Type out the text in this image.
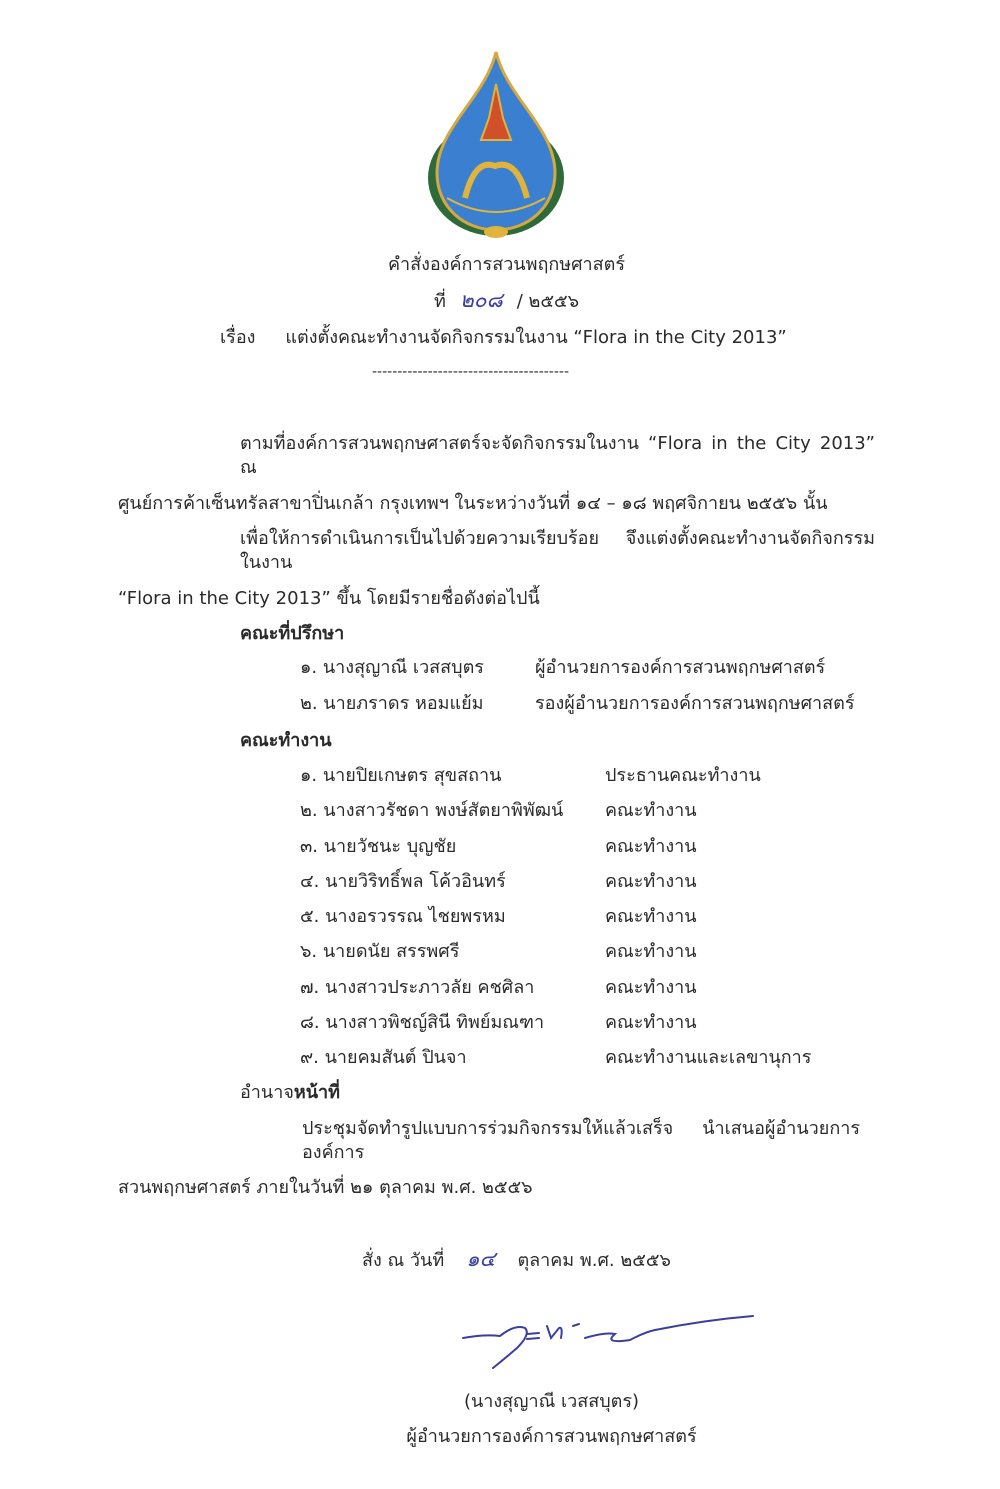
คำสั่งองค์การสวนพฤกษศาสตร์
ที่ ๒๐๘ / ๒๕๕๖
เรื่อง แต่งตั้งคณะทำงานจัดกิจกรรมในงาน “Flora in the City 2013”
---------------------------------------
ตามที่องค์การสวนพฤกษศาสตร์จะจัดกิจกรรมในงาน “Flora in the City 2013” ณ
ศูนย์การค้าเซ็นทรัลสาขาปิ่นเกล้า กรุงเทพฯ ในระหว่างวันที่ ๑๔ – ๑๘ พฤศจิกายน ๒๕๕๖ นั้น
เพื่อให้การดำเนินการเป็นไปด้วยความเรียบร้อย จึงแต่งตั้งคณะทำงานจัดกิจกรรมในงาน
“Flora in the City 2013” ขึ้น โดยมีรายชื่อดังต่อไปนี้
คณะที่ปรึกษา
๑. นางสุญาณี เวสสบุตร	ผู้อำนวยการองค์การสวนพฤกษศาสตร์
๒. นายภราดร หอมแย้ม	รองผู้อำนวยการองค์การสวนพฤกษศาสตร์
คณะทำงาน
๑. นายปิยเกษตร สุขสถาน	ประธานคณะทำงาน
๒. นางสาวรัชดา พงษ์สัตยาพิพัฒน์	คณะทำงาน
๓. นายวัชนะ บุญชัย	คณะทำงาน
๔. นายวิริทธิ์พล โค้วอินทร์	คณะทำงาน
๕. นางอรวรรณ ไชยพรหม	คณะทำงาน
๖. นายดนัย สรรพศรี	คณะทำงาน
๗. นางสาวประภาวลัย คชศิลา	คณะทำงาน
๘. นางสาวพิชญ์สินี ทิพย์มณฑา	คณะทำงาน
๙. นายคมสันต์ ปินจา	คณะทำงานและเลขานุการ
อำนาจหน้าที่
ประชุมจัดทำรูปแบบการร่วมกิจกรรมให้แล้วเสร็จ นำเสนอผู้อำนวยการองค์การ
สวนพฤกษศาสตร์ ภายในวันที่ ๒๑ ตุลาคม พ.ศ. ๒๕๕๖
สั่ง ณ วันที่ ๑๔ ตุลาคม พ.ศ. ๒๕๕๖
(นางสุญาณี เวสสบุตร)
ผู้อำนวยการองค์การสวนพฤกษศาสตร์
